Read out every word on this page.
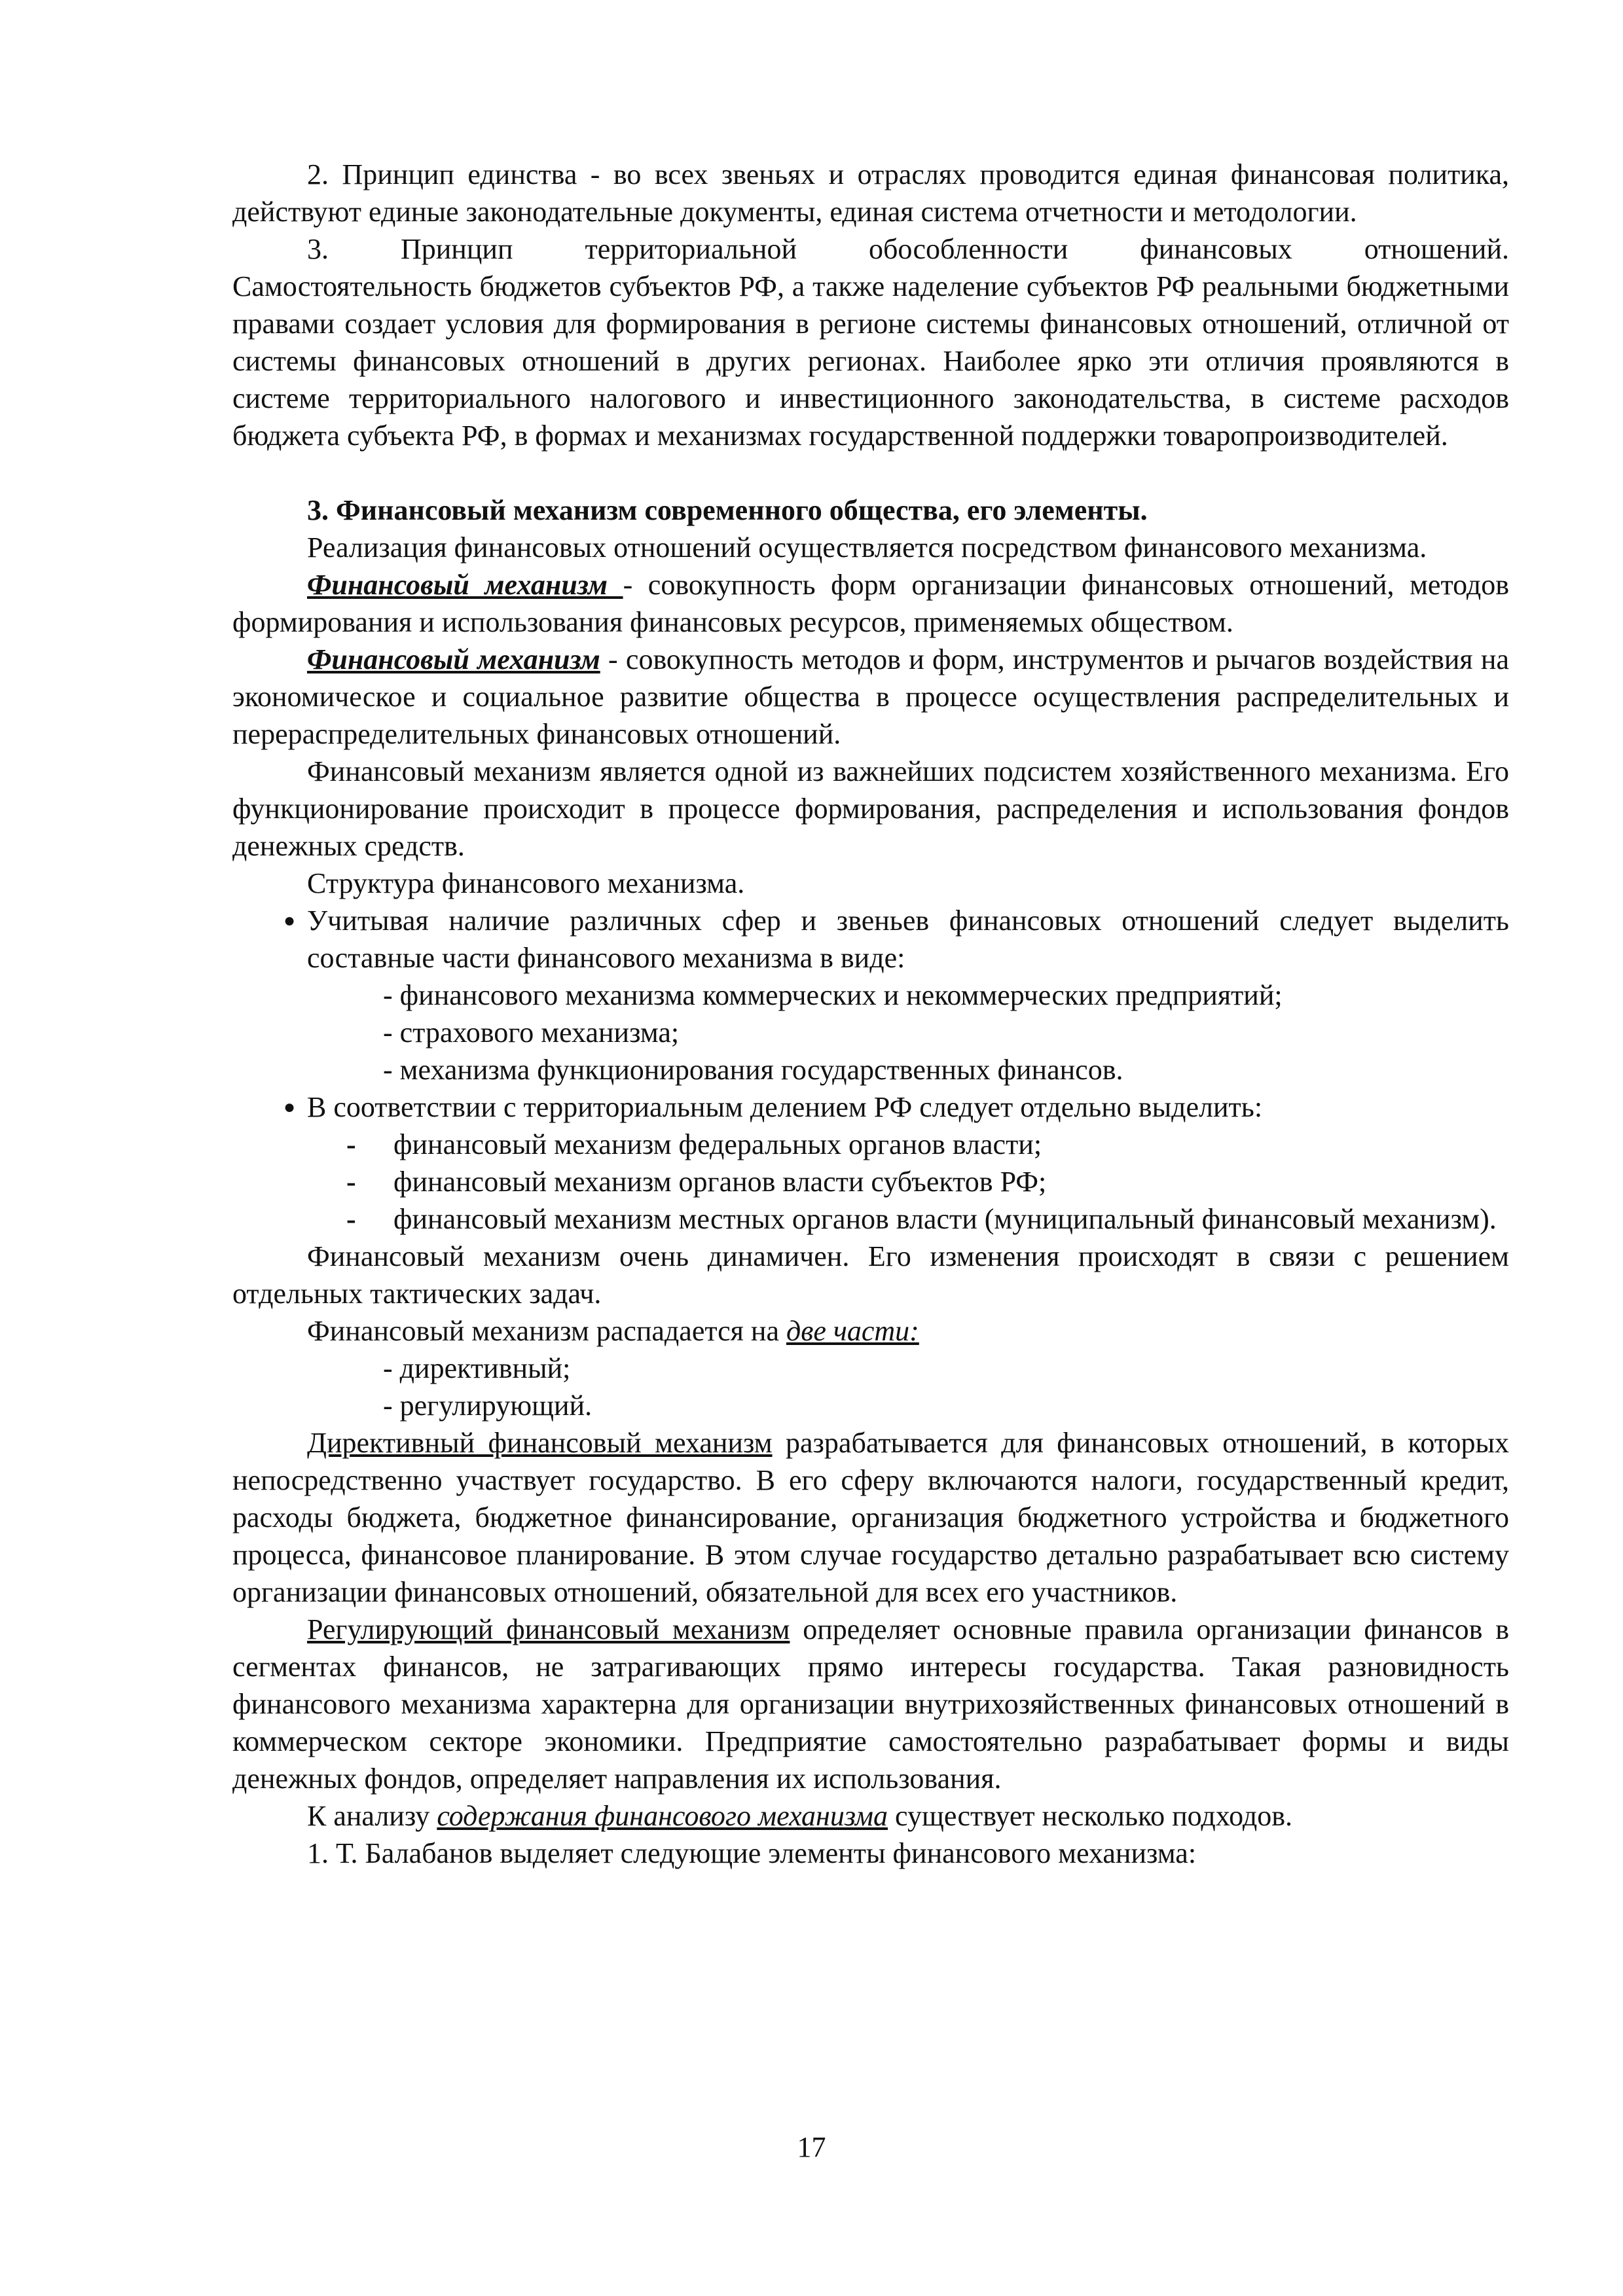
2. Принцип единства - во всех звеньях и отраслях проводится единая финансовая политика, действуют единые законодательные документы, единая система отчетности и методологии.

3. Принцип территориальной обособленности финансовых отношений.

Самостоятельность бюджетов субъектов РФ, а также наделение субъектов РФ реальными бюджетными правами создает условия для формирования в регионе системы финансовых отношений, отличной от системы финансовых отношений в других регионах. Наиболее ярко эти отличия проявляются в системе территориального налогового и инвестиционного законодательства, в системе расходов бюджета субъекта РФ, в формах и механизмах государственной поддержки товаропроизводителей.

3. Финансовый механизм современного общества, его элементы.

Реализация финансовых отношений осуществляется посредством финансового механизма.

Финансовый механизм - совокупность форм организации финансовых отношений, методов формирования и использования финансовых ресурсов, применяемых обществом.

Финансовый механизм - совокупность методов и форм, инструментов и рычагов воздействия на экономическое и социальное развитие общества в процессе осуществления распределительных и перераспределительных финансовых отношений.

Финансовый механизм является одной из важнейших подсистем хозяйственного механизма. Его функционирование происходит в процессе формирования, распределения и использования фондов денежных средств.

Структура финансового механизма.

● Учитывая наличие различных сфер и звеньев финансовых отношений следует выделить составные части финансового механизма в виде:

- финансового механизма коммерческих и некоммерческих предприятий;

- страхового механизма;

- механизма функционирования государственных финансов.

● В соответствии с территориальным делением РФ следует отдельно выделить:
-	финансовый механизм федеральных органов власти;
-	финансовый механизм органов власти субъектов РФ;
-	финансовый механизм местных органов власти (муниципальный финансовый механизм).

Финансовый механизм очень динамичен. Его изменения происходят в связи с решением отдельных тактических задач.

Финансовый механизм распадается на две части:

- директивный;

- регулирующий.

Директивный финансовый механизм разрабатывается для финансовых отношений, в которых непосредственно участвует государство. В его сферу включаются налоги, государственный кредит, расходы бюджета, бюджетное финансирование, организация бюджетного устройства и бюджетного процесса, финансовое планирование. В этом случае государство детально разрабатывает всю систему организации финансовых отношений, обязательной для всех его участников.

Регулирующий финансовый механизм определяет основные правила организации финансов в сегментах финансов, не затрагивающих прямо интересы государства. Такая разновидность финансового механизма характерна для организации внутрихозяйственных финансовых отношений в коммерческом секторе экономики. Предприятие самостоятельно разрабатывает формы и виды денежных фондов, определяет направления их использования.

К анализу содержания финансового механизма существует несколько подходов.

1. Т. Балабанов выделяет следующие элементы финансового механизма:

17
